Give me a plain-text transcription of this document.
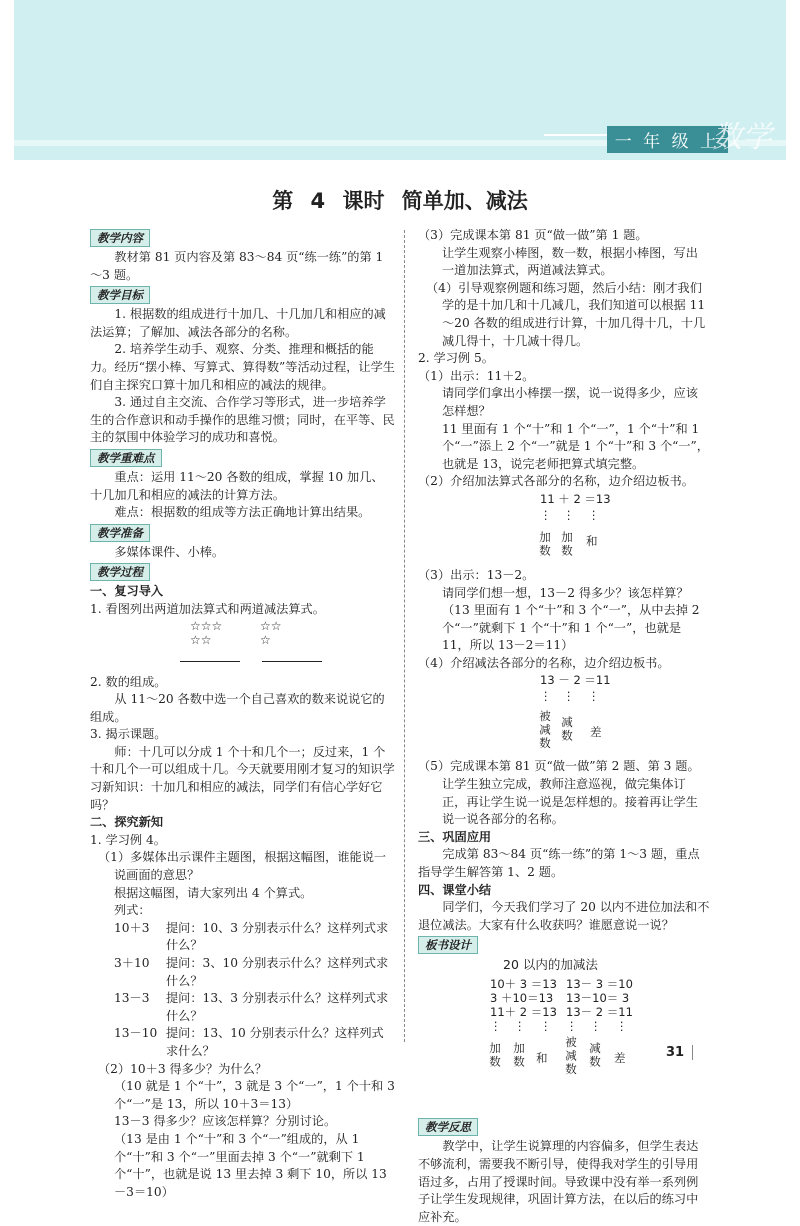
一 年 级 上
数学
第 4 课时 简单加、减法
教学内容

教材第 81 页内容及第 83～84 页“练一练”的第 1～3 题。

教学目标

1. 根据数的组成进行十加几、十几加几和相应的减法运算；了解加、减法各部分的名称。

2. 培养学生动手、观察、分类、推理和概括的能力。经历“摆小棒、写算式、算得数”等活动过程，让学生们自主探究口算十加几和相应的减法的规律。

3. 通过自主交流、合作学习等形式，进一步培养学生的合作意识和动手操作的思维习惯；同时，在平等、民主的氛围中体验学习的成功和喜悦。

教学重难点

重点：运用 11～20 各数的组成，掌握 10 加几、十几加几和相应的减法的计算方法。

难点：根据数的组成等方法正确地计算出结果。

教学准备

多媒体课件、小棒。

教学过程

一、复习导入

1. 看图列出两道加法算式和两道减法算式。

☆☆☆	☆☆
☆☆	☆

2. 数的组成。

从 11～20 各数中选一个自己喜欢的数来说说它的组成。

3. 揭示课题。

师：十几可以分成 1 个十和几个一；反过来，1 个十和几个一可以组成十几。今天就要用刚才复习的知识学习新知识：十加几和相应的减法，同学们有信心学好它吗？

二、探究新知

1. 学习例 4。

（1）多媒体出示课件主题图，根据这幅图，谁能说一说画面的意思？

根据这幅图，请大家列出 4 个算式。

列式：

10＋3	提问：10、3 分别表示什么？这样列式求什么？
3＋10	提问：3、10 分别表示什么？这样列式求什么？
13－3	提问：13、3 分别表示什么？这样列式求什么？
13－10 提问：13、10 分别表示什么？这样列式求什么？

（2）10＋3 得多少？为什么？

（10 就是 1 个“十”，3 就是 3 个“一”，1 个十和 3 个“一”是 13，所以 10＋3＝13）

13－3 得多少？应该怎样算？分别讨论。

（13 是由 1 个“十”和 3 个“一”组成的，从 1 个“十”和 3 个“一”里面去掉 3 个“一”就剩下 1 个“十”，也就是说 13 里去掉 3 剩下 10，所以 13－3＝10）

（3）完成课本第 81 页“做一做”第 1 题。

让学生观察小棒图，数一数，根据小棒图，写出一道加法算式，两道减法算式。

（4）引导观察例题和练习题，然后小结：刚才我们学的是十加几和十几减几，我们知道可以根据 11～20 各数的组成进行计算，十加几得十几，十几减几得十，十几减十得几。

2. 学习例 5。

（1）出示：11＋2。

请同学们拿出小棒摆一摆，说一说得多少，应该怎样想？

11 里面有 1 个“十”和 1 个“一”，1 个“十”和 1 个“一”添上 2 个“一”就是 1 个“十”和 3 个“一”，也就是 13，说完老师把算式填完整。

（2）介绍加法算式各部分的名称，边介绍边板书。

11 ＋ 2 ＝13
⋮ ⋮ ⋮
加数 加数 和

（3）出示：13－2。

请同学们想一想，13－2 得多少？该怎样算？（13 里面有 1 个“十”和 3 个“一”，从中去掉 2 个“一”就剩下 1 个“十”和 1 个“一”，也就是 11，所以 13－2＝11）

（4）介绍减法各部分的名称，边介绍边板书。

13 － 2 ＝11
⋮ ⋮ ⋮
被减数 减数 差

（5）完成课本第 81 页“做一做”第 2 题、第 3 题。

让学生独立完成，教师注意巡视，做完集体订正，再让学生说一说是怎样想的。接着再让学生说一说各部分的名称。

三、巩固应用

完成第 83～84 页“练一练”的第 1～3 题，重点指导学生解答第 1、2 题。

四、课堂小结

同学们，今天我们学习了 20 以内不进位加法和不退位减法。大家有什么收获吗？谁愿意说一说？

板书设计
20 以内的加减法
10＋ 3 ＝13 13－ 3 ＝10
3 ＋10＝13 13－10＝ 3
11＋ 2 ＝13 13－ 2 ＝11
⋮ ⋮ ⋮ ⋮ ⋮ ⋮
加数 加数 和 被减数 减数 差
教学反思

教学中，让学生说算理的内容偏多，但学生表达不够流利，需要我不断引导，使得我对学生的引导用语过多，占用了授课时间。导致课中没有举一系列例子让学生发现规律，巩固计算方法，在以后的练习中应补充。

31
